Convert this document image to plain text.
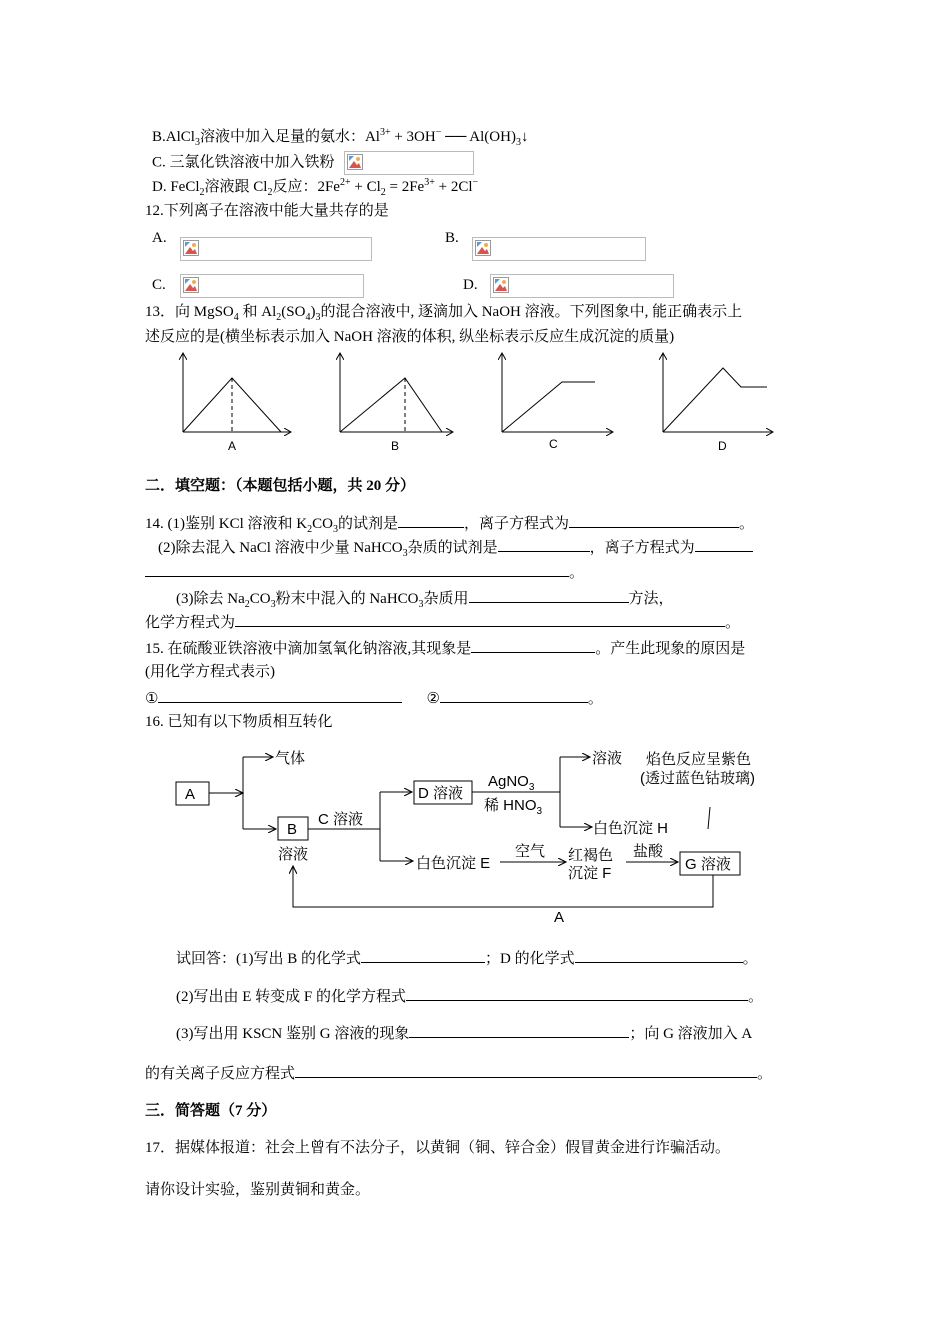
B.AlCl$_3$溶液中加入足量的氨水：$Al^{3+} + 3OH^-$ ── $Al(OH)_3↓$
C. 三氯化铁溶液中加入铁粉
D. FeCl$_2$溶液跟 $Cl_2$反应：$2Fe^{2+} + Cl_2 = 2Fe^{3+} + 2Cl^-$
12.下列离子在溶液中能大量共存的是
A.	B.
C.	D.
13．向 MgSO$_4$ 和 $Al_2(SO_4)_3$的混合溶液中, 逐滴加入 NaOH 溶液。下列图象中, 能正确表示上
述反应的是(横坐标表示加入 NaOH 溶液的体积, 纵坐标表示反应生成沉淀的质量)
A	B	C	D
二．填空题：（本题包括小题，共 20 分）
14. (1)鉴别 KCl 溶液和 $K_2CO_3$的试剂是	，离子方程式为	。
(2)除去混入 NaCl 溶液中少量 NaHCO$_3$杂质的试剂是	，离子方程式为
。
(3)除去 $Na_2CO_3$粉末中混入的 NaHCO$_3$杂质用	方法，
化学方程式为	。
15. 在硫酸亚铁溶液中滴加氢氧化钠溶液,其现象是	。产生此现象的原因是
(用化学方程式表示)
①	②	。
16. 已知有以下物质相互转化
A
气体
B
溶液
C 溶液
D 溶液
AgNO$_3$
稀 $HNO_3$
溶液 焰色反应呈紫色
(透过蓝色钴玻璃)
白色沉淀 H
白色沉淀 E
空气 红褐色
沉淀 F
盐酸
G 溶液
A
试回答：(1)写出 B 的化学式	；D 的化学式	。
(2)写出由 E 转变成 F 的化学方程式	。
(3)写出用 KSCN 鉴别 G 溶液的现象	；向 G 溶液加入 A
的有关离子反应方程式	。
三．简答题（7 分）
17．据媒体报道：社会上曾有不法分子，以黄铜（铜、锌合金）假冒黄金进行诈骗活动。
请你设计实验，鉴别黄铜和黄金。
